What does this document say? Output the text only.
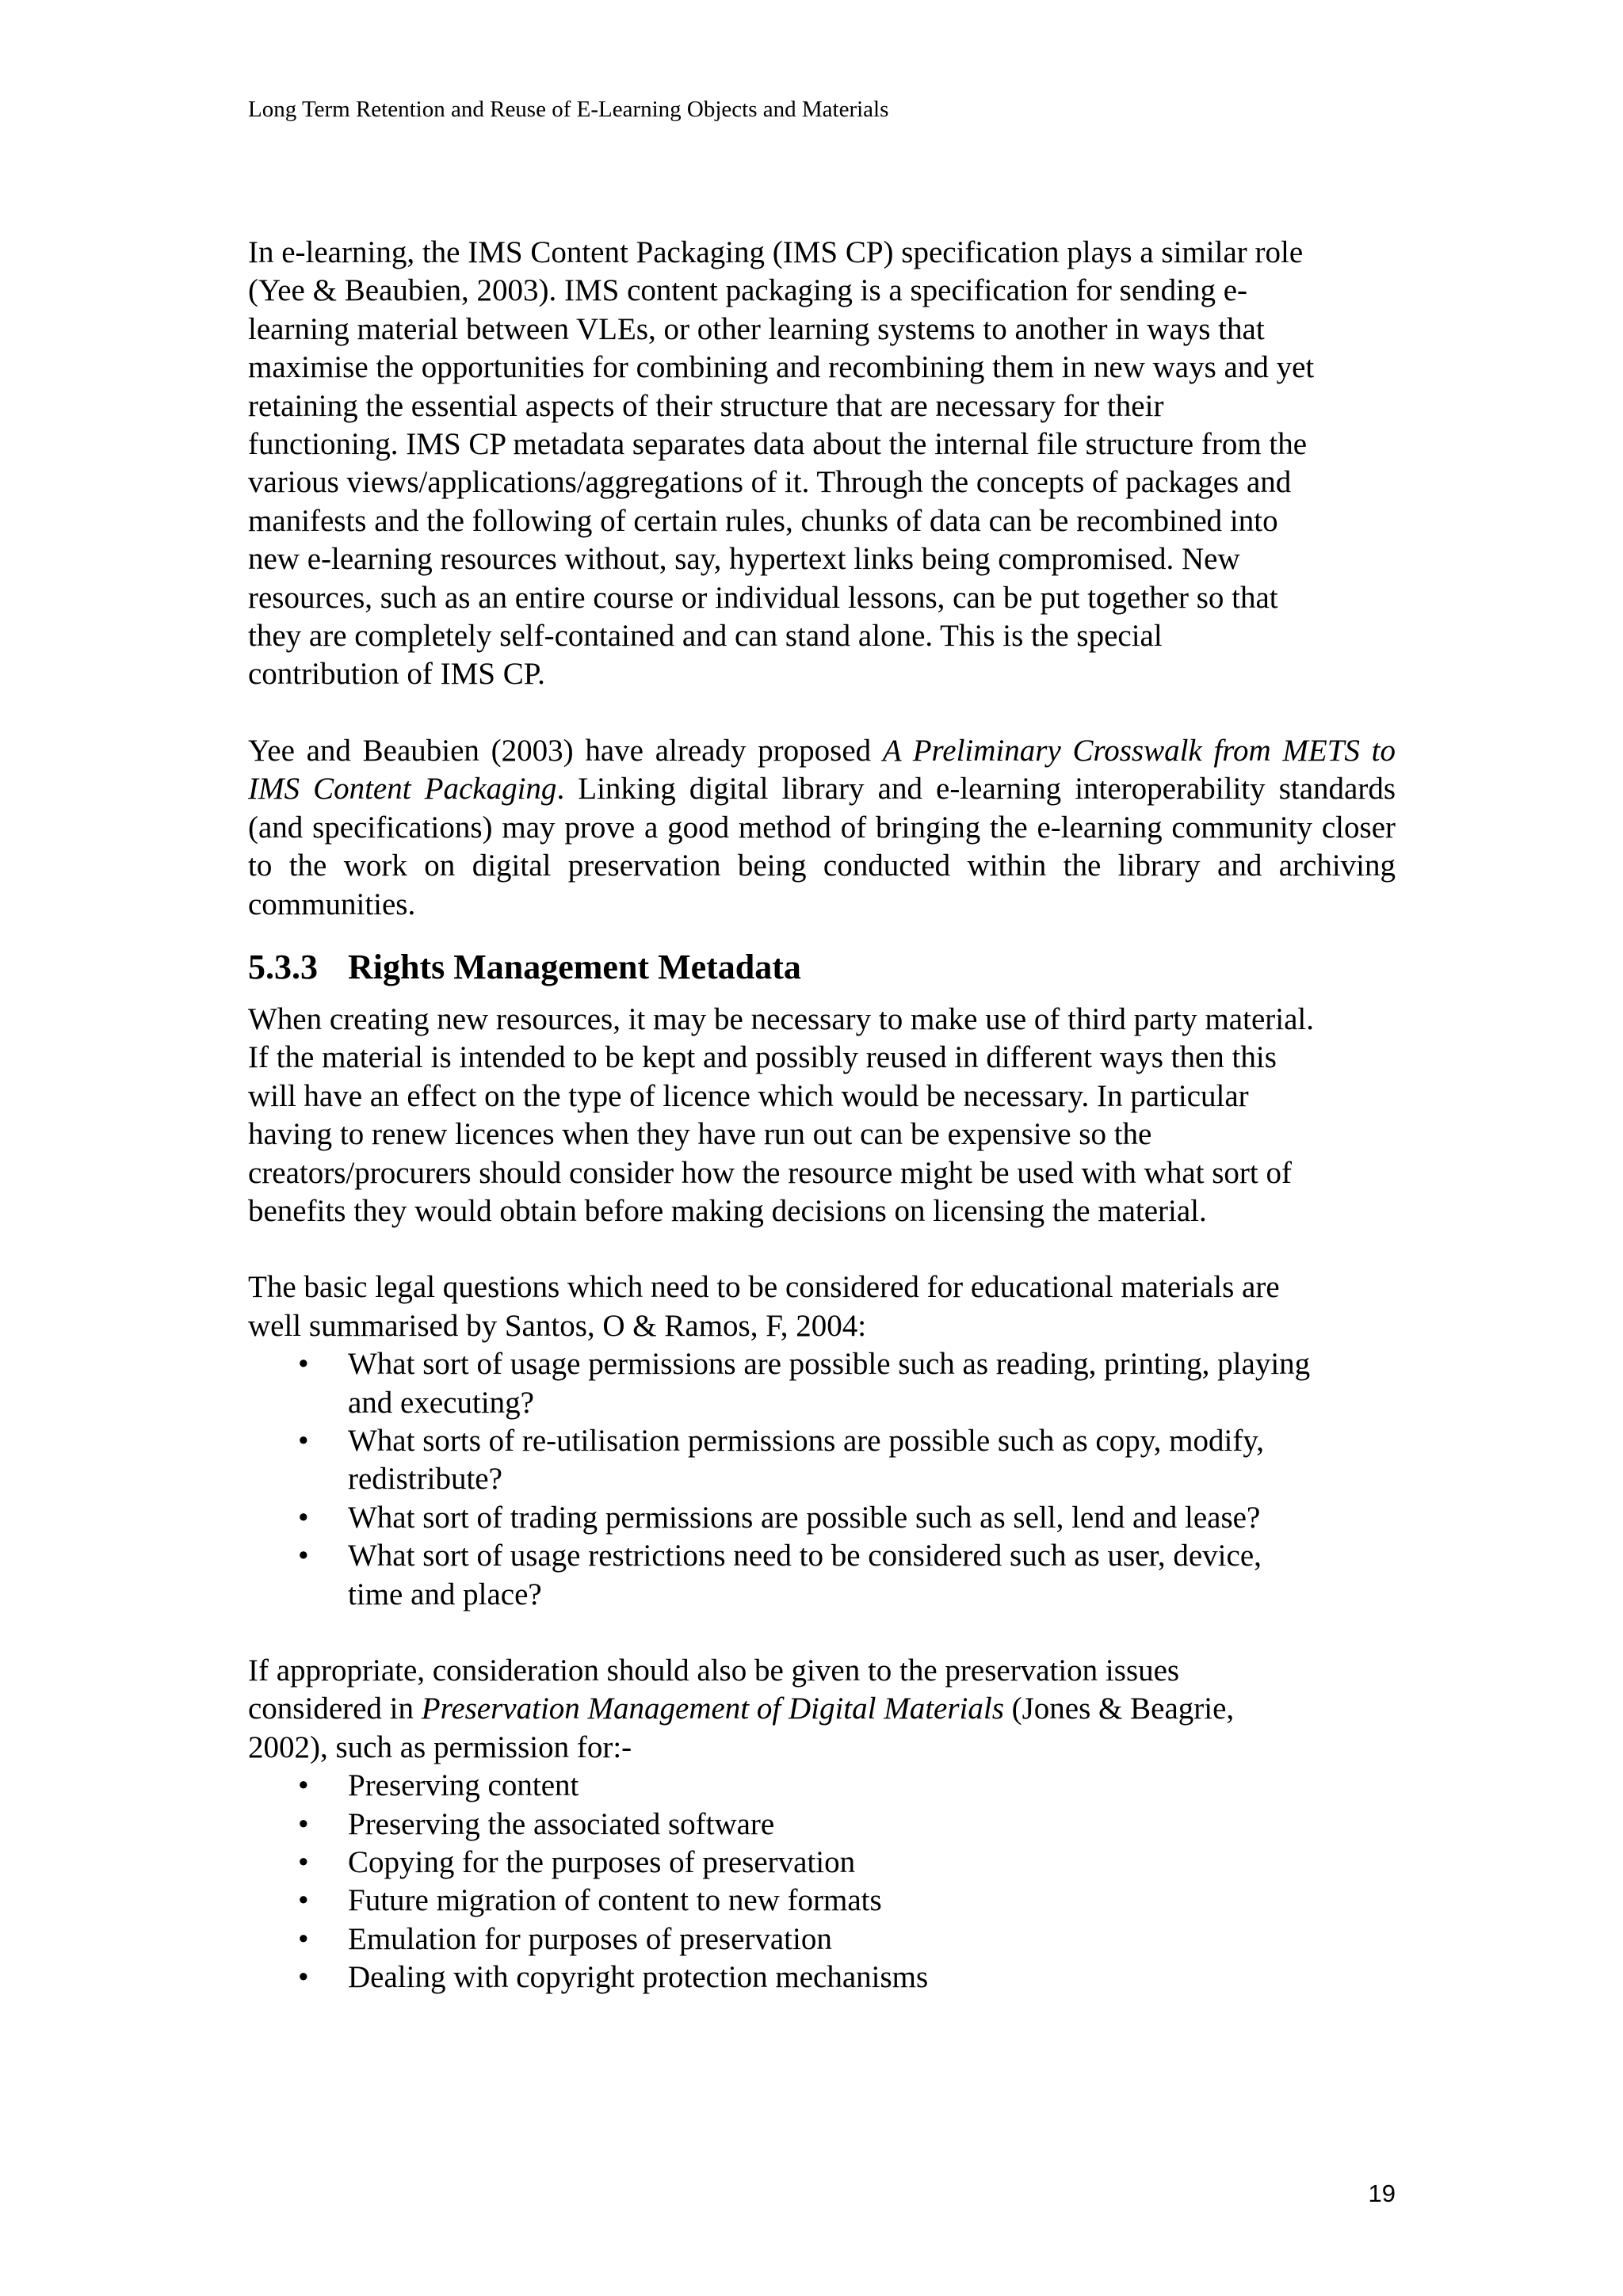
Long Term Retention and Reuse of E-Learning Objects and Materials
In e-learning, the IMS Content Packaging (IMS CP) specification plays a similar role
(Yee & Beaubien, 2003). IMS content packaging is a specification for sending e-
learning material between VLEs, or other learning systems to another in ways that
maximise the opportunities for combining and recombining them in new ways and yet
retaining the essential aspects of their structure that are necessary for their
functioning. IMS CP metadata separates data about the internal file structure from the
various views/applications/aggregations of it. Through the concepts of packages and
manifests and the following of certain rules, chunks of data can be recombined into
new e-learning resources without, say, hypertext links being compromised. New
resources, such as an entire course or individual lessons, can be put together so that
they are completely self-contained and can stand alone. This is the special
contribution of IMS CP.

Yee and Beaubien (2003) have already proposed A Preliminary Crosswalk from METS to IMS Content Packaging. Linking digital library and e-learning interoperability standards (and specifications) may prove a good method of bringing the e-learning community closer to the work on digital preservation being conducted within the library and archiving communities.

5.3.3 Rights Management Metadata
When creating new resources, it may be necessary to make use of third party material.
If the material is intended to be kept and possibly reused in different ways then this
will have an effect on the type of licence which would be necessary. In particular
having to renew licences when they have run out can be expensive so the
creators/procurers should consider how the resource might be used with what sort of
benefits they would obtain before making decisions on licensing the material.
The basic legal questions which need to be considered for educational materials are
well summarised by Santos, O & Ramos, F, 2004:
• What sort of usage permissions are possible such as reading, printing, playing
and executing?
• What sorts of re-utilisation permissions are possible such as copy, modify,
redistribute?
• What sort of trading permissions are possible such as sell, lend and lease?
• What sort of usage restrictions need to be considered such as user, device,
time and place?
If appropriate, consideration should also be given to the preservation issues
considered in Preservation Management of Digital Materials (Jones & Beagrie,
2002), such as permission for:-
• Preserving content
• Preserving the associated software
• Copying for the purposes of preservation
• Future migration of content to new formats
• Emulation for purposes of preservation
• Dealing with copyright protection mechanisms
19
